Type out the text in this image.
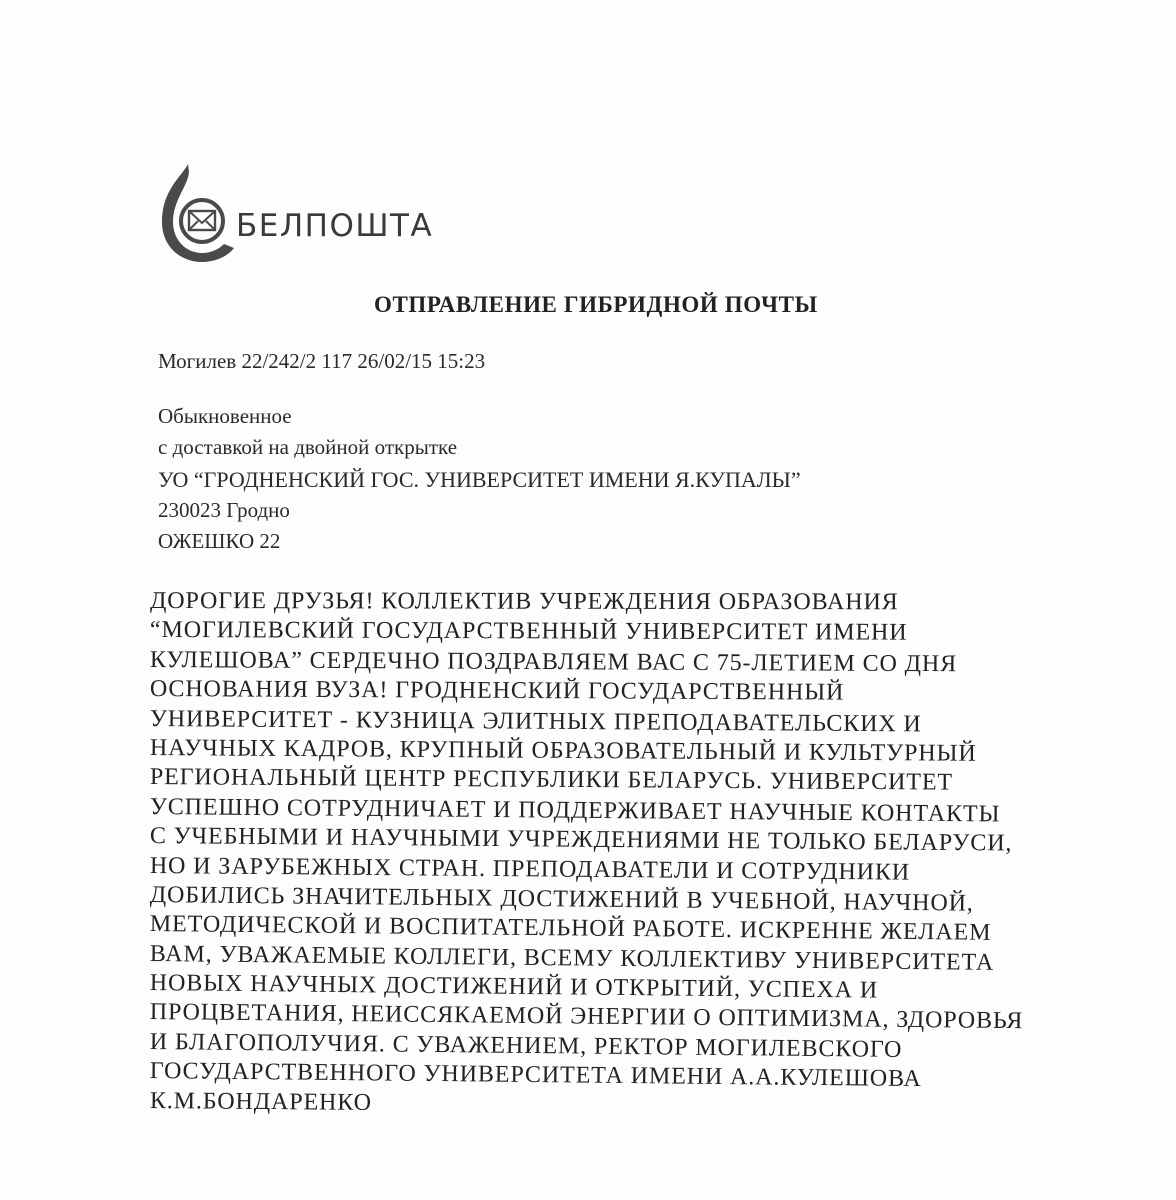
БЕЛПОШТА
ОТПРАВЛЕНИЕ ГИБРИДНОЙ ПОЧТЫ
Могилев 22/242/2 117 26/02/15 15:23
Обыкновенное
с доставкой на двойной открытке
УО “ГРОДНЕНСКИЙ ГОС. УНИВЕРСИТЕТ ИМЕНИ Я.КУПАЛЫ”
230023 Гродно
ОЖЕШКО 22
ДОРОГИЕ ДРУЗЬЯ! КОЛЛЕКТИВ УЧРЕЖДЕНИЯ ОБРАЗОВАНИЯ
“МОГИЛЕВСКИЙ ГОСУДАРСТВЕННЫЙ УНИВЕРСИТЕТ ИМЕНИ
КУЛЕШОВА” СЕРДЕЧНО ПОЗДРАВЛЯЕМ ВАС С 75-ЛЕТИЕМ СО ДНЯ
ОСНОВАНИЯ ВУЗА! ГРОДНЕНСКИЙ ГОСУДАРСТВЕННЫЙ
УНИВЕРСИТЕТ - КУЗНИЦА ЭЛИТНЫХ ПРЕПОДАВАТЕЛЬСКИХ И
НАУЧНЫХ КАДРОВ, КРУПНЫЙ ОБРАЗОВАТЕЛЬНЫЙ И КУЛЬТУРНЫЙ
РЕГИОНАЛЬНЫЙ ЦЕНТР РЕСПУБЛИКИ БЕЛАРУСЬ. УНИВЕРСИТЕТ
УСПЕШНО СОТРУДНИЧАЕТ И ПОДДЕРЖИВАЕТ НАУЧНЫЕ КОНТАКТЫ
С УЧЕБНЫМИ И НАУЧНЫМИ УЧРЕЖДЕНИЯМИ НЕ ТОЛЬКО БЕЛАРУСИ,
НО И ЗАРУБЕЖНЫХ СТРАН. ПРЕПОДАВАТЕЛИ И СОТРУДНИКИ
ДОБИЛИСЬ ЗНАЧИТЕЛЬНЫХ ДОСТИЖЕНИЙ В УЧЕБНОЙ, НАУЧНОЙ,
МЕТОДИЧЕСКОЙ И ВОСПИТАТЕЛЬНОЙ РАБОТЕ. ИСКРЕННЕ ЖЕЛАЕМ
ВАМ, УВАЖАЕМЫЕ КОЛЛЕГИ, ВСЕМУ КОЛЛЕКТИВУ УНИВЕРСИТЕТА
НОВЫХ НАУЧНЫХ ДОСТИЖЕНИЙ И ОТКРЫТИЙ, УСПЕХА И
ПРОЦВЕТАНИЯ, НЕИССЯКАЕМОЙ ЭНЕРГИИ О ОПТИМИЗМА, ЗДОРОВЬЯ
И БЛАГОПОЛУЧИЯ. С УВАЖЕНИЕМ, РЕКТОР МОГИЛЕВСКОГО
ГОСУДАРСТВЕННОГО УНИВЕРСИТЕТА ИМЕНИ А.А.КУЛЕШОВА
К.М.БОНДАРЕНКО
